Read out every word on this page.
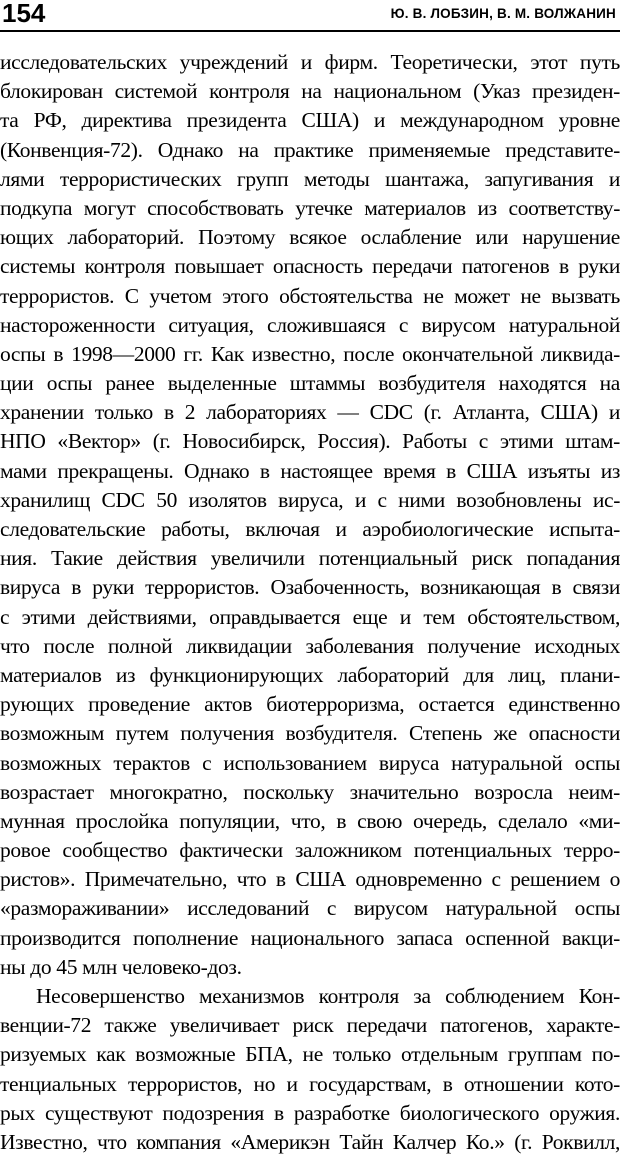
154	Ю. В. ЛОБЗИН, В. М. ВОЛЖАНИН
исследовательских учреждений и фирм. Теоретически, этот путь
блокирован системой контроля на национальном (Указ президен-
та РФ, директива президента США) и международном уровне
(Конвенция-72). Однако на практике применяемые представите-
лями террористических групп методы шантажа, запугивания и
подкупа могут способствовать утечке материалов из соответству-
ющих лабораторий. Поэтому всякое ослабление или нарушение
системы контроля повышает опасность передачи патогенов в руки
террористов. С учетом этого обстоятельства не может не вызвать
настороженности ситуация, сложившаяся с вирусом натуральной
оспы в 1998—2000 гг. Как известно, после окончательной ликвида-
ции оспы ранее выделенные штаммы возбудителя находятся на
хранении только в 2 лабораториях — CDC (г. Атланта, США) и
НПО «Вектор» (г. Новосибирск, Россия). Работы с этими штам-
мами прекращены. Однако в настоящее время в США изъяты из
хранилищ CDC 50 изолятов вируса, и с ними возобновлены ис-
следовательские работы, включая и аэробиологические испыта-
ния. Такие действия увеличили потенциальный риск попадания
вируса в руки террористов. Озабоченность, возникающая в связи
с этими действиями, оправдывается еще и тем обстоятельством,
что после полной ликвидации заболевания получение исходных
материалов из функционирующих лабораторий для лиц, плани-
рующих проведение актов биотерроризма, остается единственно
возможным путем получения возбудителя. Степень же опасности
возможных терактов с использованием вируса натуральной оспы
возрастает многократно, поскольку значительно возросла неим-
мунная прослойка популяции, что, в свою очередь, сделало «ми-
ровое сообщество фактически заложником потенциальных терро-
ристов». Примечательно, что в США одновременно с решением о
«размораживании» исследований с вирусом натуральной оспы
производится пополнение национального запаса оспенной вакци-
ны до 45 млн человеко-доз.
Несовершенство механизмов контроля за соблюдением Кон-
венции-72 также увеличивает риск передачи патогенов, характе-
ризуемых как возможные БПА, не только отдельным группам по-
тенциальных террористов, но и государствам, в отношении кото-
рых существуют подозрения в разработке биологического оружия.
Известно, что компания «Америкэн Тайн Калчер Ко.» (г. Роквилл,
